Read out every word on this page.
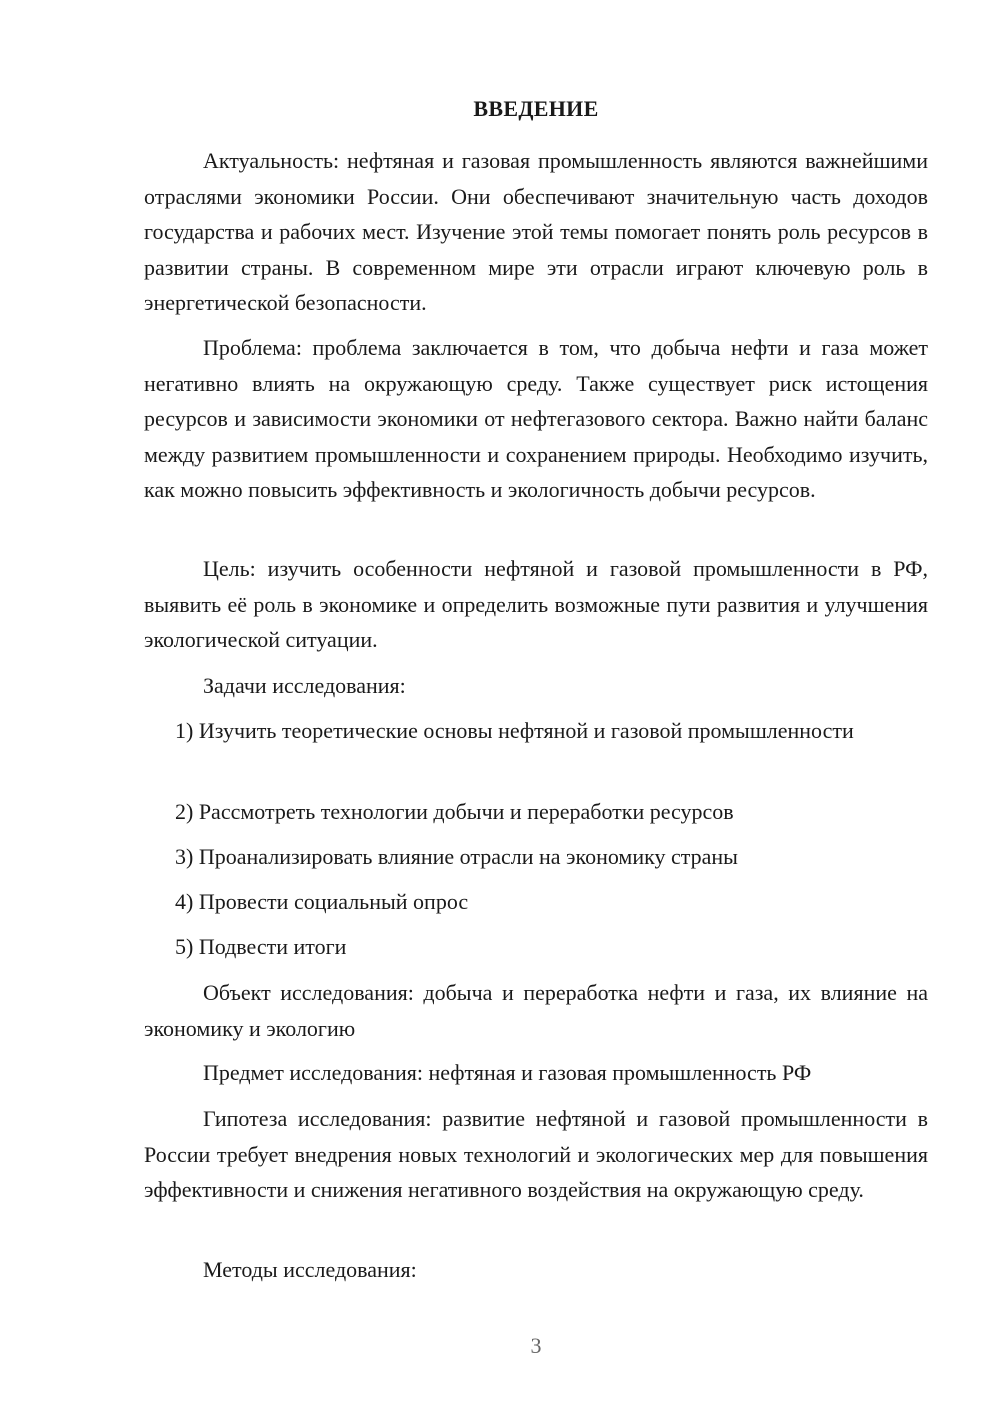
ВВЕДЕНИЕ

Актуальность: нефтяная и газовая промышленность являются важнейшими отраслями экономики России. Они обеспечивают значительную часть доходов государства и рабочих мест. Изучение этой темы помогает понять роль ресурсов в развитии страны. В современном мире эти отрасли играют ключевую роль в энергетической безопасности.

Проблема: проблема заключается в том, что добыча нефти и газа может негативно влиять на окружающую среду. Также существует риск истощения ресурсов и зависимости экономики от нефтегазового сектора. Важно найти баланс между развитием промышленности и сохранением природы. Необходимо изучить, как можно повысить эффективность и экологичность добычи ресурсов.

Цель: изучить особенности нефтяной и газовой промышленности в РФ, выявить её роль в экономике и определить возможные пути развития и улучшения экологической ситуации.

Задачи исследования:

1) Изучить теоретические основы нефтяной и газовой промышленности

2) Рассмотреть технологии добычи и переработки ресурсов

3) Проанализировать влияние отрасли на экономику страны

4) Провести социальный опрос

5) Подвести итоги

Объект исследования: добыча и переработка нефти и газа, их влияние на экономику и экологию

Предмет исследования: нефтяная и газовая промышленность РФ

Гипотеза исследования: развитие нефтяной и газовой промышленности в России требует внедрения новых технологий и экологических мер для повышения эффективности и снижения негативного воздействия на окружающую среду.

Методы исследования:

3
